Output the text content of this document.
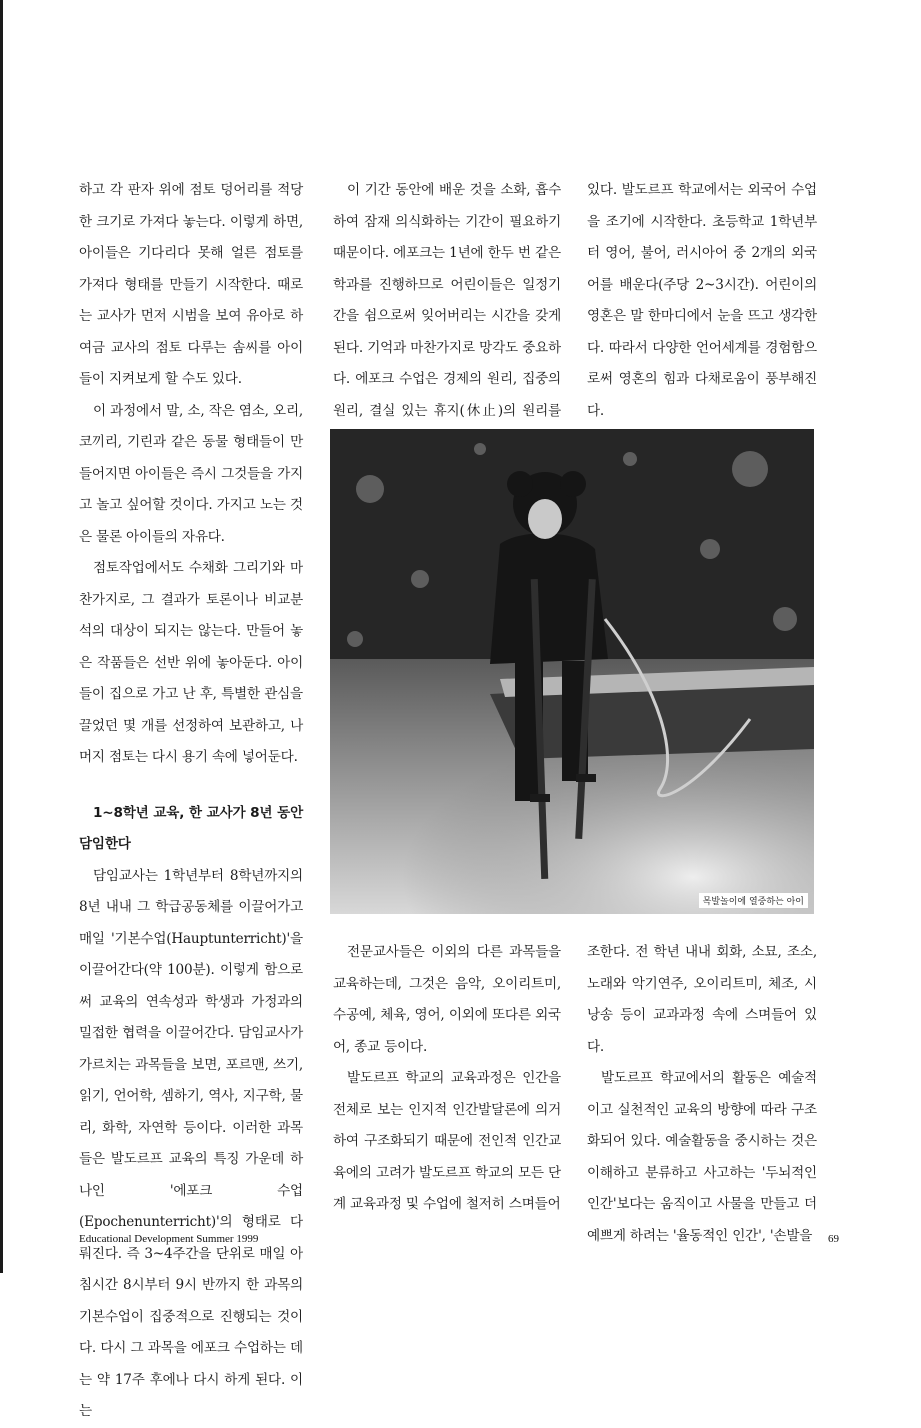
하고 각 판자 위에 점토 덩어리를 적당한 크기로 가져다 놓는다. 이렇게 하면, 아이들은 기다리다 못해 얼른 점토를 가져다 형태를 만들기 시작한다. 때로는 교사가 먼저 시범을 보여 유아로 하여금 교사의 점토 다루는 솜씨를 아이들이 지켜보게 할 수도 있다.

이 과정에서 말, 소, 작은 염소, 오리, 코끼리, 기린과 같은 동물 형태들이 만들어지면 아이들은 즉시 그것들을 가지고 놀고 싶어할 것이다. 가지고 노는 것은 물론 아이들의 자유다.

점토작업에서도 수채화 그리기와 마찬가지로, 그 결과가 토론이나 비교분석의 대상이 되지는 않는다. 만들어 놓은 작품들은 선반 위에 놓아둔다. 아이들이 집으로 가고 난 후, 특별한 관심을 끌었던 몇 개를 선정하여 보관하고, 나머지 점토는 다시 용기 속에 넣어둔다.

1~8학년 교육, 한 교사가 8년 동안 담임한다

담임교사는 1학년부터 8학년까지의 8년 내내 그 학급공동체를 이끌어가고 매일 '기본수업(Hauptunterricht)'을 이끌어간다(약 100분). 이렇게 함으로써 교육의 연속성과 학생과 가정과의 밀접한 협력을 이끌어간다. 담임교사가 가르치는 과목들을 보면, 포르맨, 쓰기, 읽기, 언어학, 셈하기, 역사, 지구학, 물리, 화학, 자연학 등이다. 이러한 과목들은 발도르프 교육의 특징 가운데 하나인 '에포크 수업(Epochenunterricht)'의 형태로 다뤄진다. 즉 3~4주간을 단위로 매일 아침시간 8시부터 9시 반까지 한 과목의 기본수업이 집중적으로 진행되는 것이다. 다시 그 과목을 에포크 수업하는 데는 약 17주 후에나 다시 하게 된다. 이는

이 기간 동안에 배운 것을 소화, 흡수하여 잠재 의식화하는 기간이 필요하기 때문이다. 에포크는 1년에 한두 번 같은 학과를 진행하므로 어린이들은 일정기간을 쉼으로써 잊어버리는 시간을 갖게 된다. 기억과 마찬가지로 망각도 중요하다. 에포크 수업은 경제의 원리, 집중의 원리, 결실 있는 휴지(休止)의 원리를

있다. 발도르프 학교에서는 외국어 수업을 조기에 시작한다. 초등학교 1학년부터 영어, 불어, 러시아어 중 2개의 외국어를 배운다(주당 2~3시간). 어린이의 영혼은 말 한마디에서 눈을 뜨고 생각한다. 따라서 다양한 언어세계를 경험함으로써 영혼의 힘과 다채로움이 풍부해진다.

목발놀이에 열중하는 아이

전문교사들은 이외의 다른 과목들을 교육하는데, 그것은 음악, 오이리트미, 수공예, 체육, 영어, 이외에 또다른 외국어, 종교 등이다.

발도르프 학교의 교육과정은 인간을 전체로 보는 인지적 인간발달론에 의거하여 구조화되기 때문에 전인적 인간교육에의 고려가 발도르프 학교의 모든 단계 교육과정 및 수업에 철저히 스며들어

조한다. 전 학년 내내 회화, 소묘, 조소, 노래와 악기연주, 오이리트미, 체조, 시 낭송 등이 교과과정 속에 스며들어 있다.

발도르프 학교에서의 활동은 예술적이고 실천적인 교육의 방향에 따라 구조화되어 있다. 예술활동을 중시하는 것은 이해하고 분류하고 사고하는 '두뇌적인 인간'보다는 움직이고 사물을 만들고 더 예쁘게 하려는 '율동적인 인간', '손발을

Educational Development Summer 1999	69
